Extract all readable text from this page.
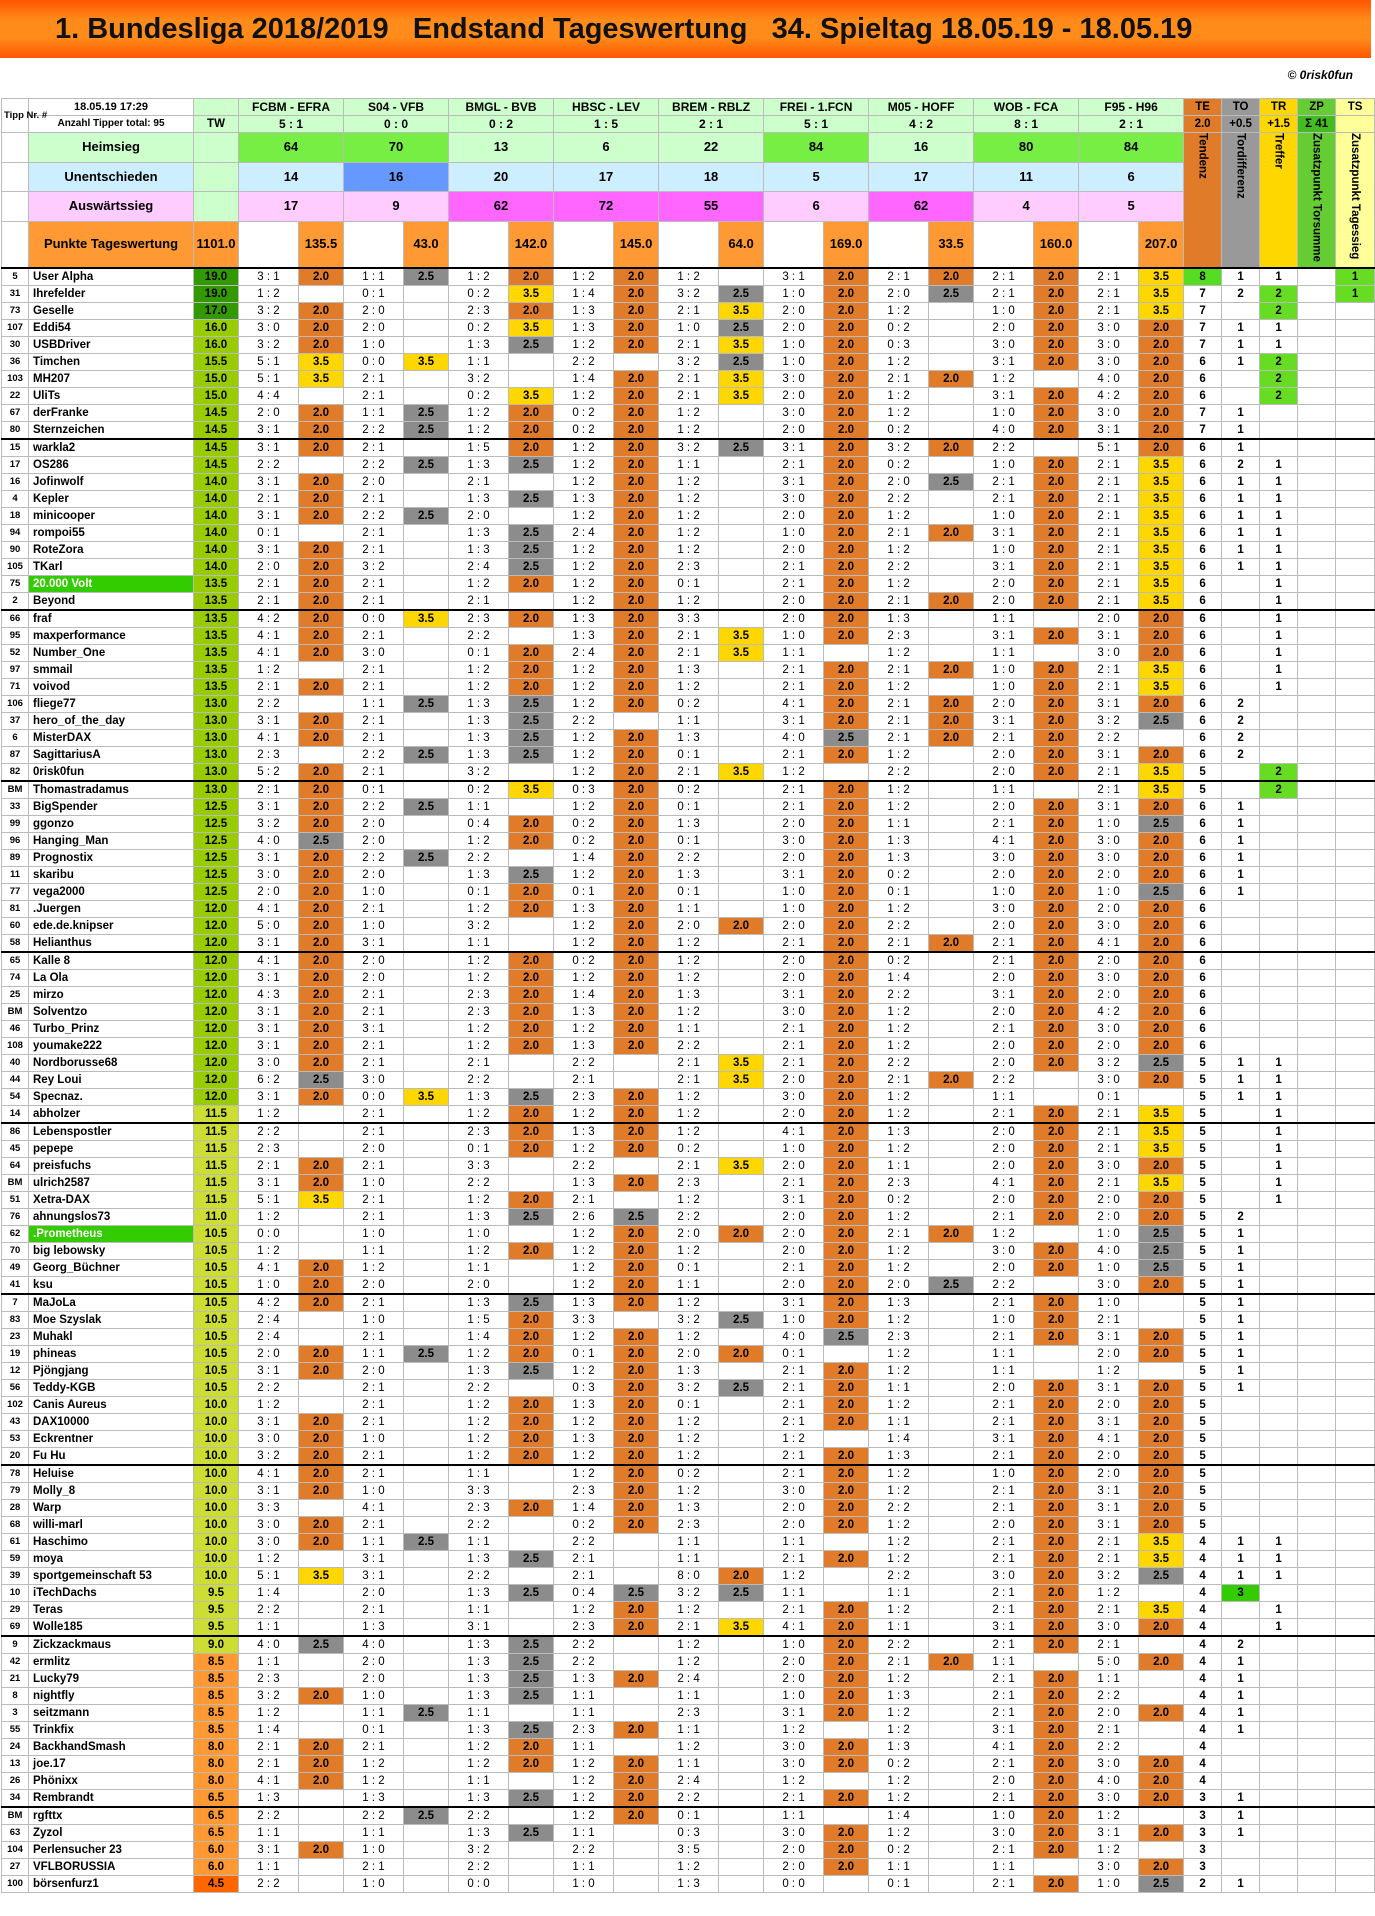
1. Bundesliga 2018/2019   Endstand Tageswertung   34. Spieltag 18.05.19 - 18.05.19
© 0risk0fun
Tipp Nr. #	18.05.19 17:29		FCBM - EFRA		S04 - VFB		BMGL - BVB		HBSC - LEV		BREM - RBLZ		FREI - 1.FCN		M05 - HOFF		WOB - FCA		F95 - H96		TE	TO	TR	ZP	TS	
	Anzahl Tipper total: 95	TW	5 : 1		0 : 0		0 : 2		1 : 5		2 : 1		5 : 1		4 : 2		8 : 1		2 : 1		2.0	+0.5	+1.5	Σ 41		
	Heimsieg		64		70		13		6		22		84		16		80		84		Tendenz	Tordifferenz	Treffer	Zusatzpunkt Torsumme	Zusatzpunkt Tagessieg	
	Unentschieden		14		16		20		17		18		5		17		11		6							
	Auswärtssieg		17		9		62		72		55		6		62		4		5							
	Punkte Tageswertung	1101.0		135.5		43.0		142.0		145.0		64.0		169.0		33.5		160.0		207.0					
5	User Alpha	19.0	3 : 1	2.0	1 : 1	2.5	1 : 2	2.0	1 : 2	2.0	1 : 2		3 : 1	2.0	2 : 1	2.0	2 : 1	2.0	2 : 1	3.5	8	1	1		1	
31	Ihrefelder	19.0	1 : 2		0 : 1		0 : 2	3.5	1 : 4	2.0	3 : 2	2.5	1 : 0	2.0	2 : 0	2.5	2 : 1	2.0	2 : 1	3.5	7	2	2		1	
73	Geselle	17.0	3 : 2	2.0	2 : 0		2 : 3	2.0	1 : 3	2.0	2 : 1	3.5	2 : 0	2.0	1 : 2		1 : 0	2.0	2 : 1	3.5	7		2			
107	Eddi54	16.0	3 : 0	2.0	2 : 0		0 : 2	3.5	1 : 3	2.0	1 : 0	2.5	2 : 0	2.0	0 : 2		2 : 0	2.0	3 : 0	2.0	7	1	1			
30	USBDriver	16.0	3 : 2	2.0	1 : 0		1 : 3	2.5	1 : 2	2.0	2 : 1	3.5	1 : 0	2.0	0 : 3		3 : 0	2.0	3 : 0	2.0	7	1	1			
36	Timchen	15.5	5 : 1	3.5	0 : 0	3.5	1 : 1		2 : 2		3 : 2	2.5	1 : 0	2.0	1 : 2		3 : 1	2.0	3 : 0	2.0	6	1	2			
103	MH207	15.0	5 : 1	3.5	2 : 1		3 : 2		1 : 4	2.0	2 : 1	3.5	3 : 0	2.0	2 : 1	2.0	1 : 2		4 : 0	2.0	6		2			
22	UliTs	15.0	4 : 4		2 : 1		0 : 2	3.5	1 : 2	2.0	2 : 1	3.5	2 : 0	2.0	1 : 2		3 : 1	2.0	4 : 2	2.0	6		2			
67	derFranke	14.5	2 : 0	2.0	1 : 1	2.5	1 : 2	2.0	0 : 2	2.0	1 : 2		3 : 0	2.0	1 : 2		1 : 0	2.0	3 : 0	2.0	7	1				
80	Sternzeichen	14.5	3 : 1	2.0	2 : 2	2.5	1 : 2	2.0	0 : 2	2.0	1 : 2		2 : 0	2.0	0 : 2		4 : 0	2.0	3 : 1	2.0	7	1				
15	warkla2	14.5	3 : 1	2.0	2 : 1		1 : 5	2.0	1 : 2	2.0	3 : 2	2.5	3 : 1	2.0	3 : 2	2.0	2 : 2		5 : 1	2.0	6	1				
17	OS286	14.5	2 : 2		2 : 2	2.5	1 : 3	2.5	1 : 2	2.0	1 : 1		2 : 1	2.0	0 : 2		1 : 0	2.0	2 : 1	3.5	6	2	1			
16	Jofinwolf	14.0	3 : 1	2.0	2 : 0		2 : 1		1 : 2	2.0	1 : 2		3 : 1	2.0	2 : 0	2.5	2 : 1	2.0	2 : 1	3.5	6	1	1			
4	Kepler	14.0	2 : 1	2.0	2 : 1		1 : 3	2.5	1 : 3	2.0	1 : 2		3 : 0	2.0	2 : 2		2 : 1	2.0	2 : 1	3.5	6	1	1			
18	minicooper	14.0	3 : 1	2.0	2 : 2	2.5	2 : 0		1 : 2	2.0	1 : 2		2 : 0	2.0	1 : 2		1 : 0	2.0	2 : 1	3.5	6	1	1			
94	rompoi55	14.0	0 : 1		2 : 1		1 : 3	2.5	2 : 4	2.0	1 : 2		1 : 0	2.0	2 : 1	2.0	3 : 1	2.0	2 : 1	3.5	6	1	1			
90	RoteZora	14.0	3 : 1	2.0	2 : 1		1 : 3	2.5	1 : 2	2.0	1 : 2		2 : 0	2.0	1 : 2		1 : 0	2.0	2 : 1	3.5	6	1	1			
105	TKarl	14.0	2 : 0	2.0	3 : 2		2 : 4	2.5	1 : 2	2.0	2 : 3		2 : 1	2.0	2 : 2		3 : 1	2.0	2 : 1	3.5	6	1	1			
75	20.000 Volt	13.5	2 : 1	2.0	2 : 1		1 : 2	2.0	1 : 2	2.0	0 : 1		2 : 1	2.0	1 : 2		2 : 0	2.0	2 : 1	3.5	6		1			
2	Beyond	13.5	2 : 1	2.0	2 : 1		2 : 1		1 : 2	2.0	1 : 2		2 : 0	2.0	2 : 1	2.0	2 : 0	2.0	2 : 1	3.5	6		1			
66	fraf	13.5	4 : 2	2.0	0 : 0	3.5	2 : 3	2.0	1 : 3	2.0	3 : 3		2 : 0	2.0	1 : 3		1 : 1		2 : 0	2.0	6		1			
95	maxperformance	13.5	4 : 1	2.0	2 : 1		2 : 2		1 : 3	2.0	2 : 1	3.5	1 : 0	2.0	2 : 3		3 : 1	2.0	3 : 1	2.0	6		1			
52	Number_One	13.5	4 : 1	2.0	3 : 0		0 : 1	2.0	2 : 4	2.0	2 : 1	3.5	1 : 1		1 : 2		1 : 1		3 : 0	2.0	6		1			
97	smmail	13.5	1 : 2		2 : 1		1 : 2	2.0	1 : 2	2.0	1 : 3		2 : 1	2.0	2 : 1	2.0	1 : 0	2.0	2 : 1	3.5	6		1			
71	voivod	13.5	2 : 1	2.0	2 : 1		1 : 2	2.0	1 : 2	2.0	1 : 2		2 : 1	2.0	1 : 2		1 : 0	2.0	2 : 1	3.5	6		1			
106	fliege77	13.0	2 : 2		1 : 1	2.5	1 : 3	2.5	1 : 2	2.0	0 : 2		4 : 1	2.0	2 : 1	2.0	2 : 0	2.0	3 : 1	2.0	6	2				
37	hero_of_the_day	13.0	3 : 1	2.0	2 : 1		1 : 3	2.5	2 : 2		1 : 1		3 : 1	2.0	2 : 1	2.0	3 : 1	2.0	3 : 2	2.5	6	2				
6	MisterDAX	13.0	4 : 1	2.0	2 : 1		1 : 3	2.5	1 : 2	2.0	1 : 3		4 : 0	2.5	2 : 1	2.0	2 : 1	2.0	2 : 2		6	2				
87	SagittariusA	13.0	2 : 3		2 : 2	2.5	1 : 3	2.5	1 : 2	2.0	0 : 1		2 : 1	2.0	1 : 2		2 : 0	2.0	3 : 1	2.0	6	2				
82	0risk0fun	13.0	5 : 2	2.0	2 : 1		3 : 2		1 : 2	2.0	2 : 1	3.5	1 : 2		2 : 2		2 : 0	2.0	2 : 1	3.5	5		2			
BM	Thomastradamus	13.0	2 : 1	2.0	0 : 1		0 : 2	3.5	0 : 3	2.0	0 : 2		2 : 1	2.0	1 : 2		1 : 1		2 : 1	3.5	5		2			
33	BigSpender	12.5	3 : 1	2.0	2 : 2	2.5	1 : 1		1 : 2	2.0	0 : 1		2 : 1	2.0	1 : 2		2 : 0	2.0	3 : 1	2.0	6	1				
99	ggonzo	12.5	3 : 2	2.0	2 : 0		0 : 4	2.0	0 : 2	2.0	1 : 3		2 : 0	2.0	1 : 1		2 : 1	2.0	1 : 0	2.5	6	1				
96	Hanging_Man	12.5	4 : 0	2.5	2 : 0		1 : 2	2.0	0 : 2	2.0	0 : 1		3 : 0	2.0	1 : 3		4 : 1	2.0	3 : 0	2.0	6	1				
89	Prognostix	12.5	3 : 1	2.0	2 : 2	2.5	2 : 2		1 : 4	2.0	2 : 2		2 : 0	2.0	1 : 3		3 : 0	2.0	3 : 0	2.0	6	1				
11	skaribu	12.5	3 : 0	2.0	2 : 0		1 : 3	2.5	1 : 2	2.0	1 : 3		3 : 1	2.0	0 : 2		2 : 0	2.0	2 : 0	2.0	6	1				
77	vega2000	12.5	2 : 0	2.0	1 : 0		0 : 1	2.0	0 : 1	2.0	0 : 1		1 : 0	2.0	0 : 1		1 : 0	2.0	1 : 0	2.5	6	1				
81	.Juergen	12.0	4 : 1	2.0	2 : 1		1 : 2	2.0	1 : 3	2.0	1 : 1		1 : 0	2.0	1 : 2		3 : 0	2.0	2 : 0	2.0	6					
60	ede.de.knipser	12.0	5 : 0	2.0	1 : 0		3 : 2		1 : 2	2.0	2 : 0	2.0	2 : 0	2.0	2 : 2		2 : 0	2.0	3 : 0	2.0	6					
58	Helianthus	12.0	3 : 1	2.0	3 : 1		1 : 1		1 : 2	2.0	1 : 2		2 : 1	2.0	2 : 1	2.0	2 : 1	2.0	4 : 1	2.0	6					
65	Kalle 8	12.0	4 : 1	2.0	2 : 0		1 : 2	2.0	0 : 2	2.0	1 : 2		2 : 0	2.0	0 : 2		2 : 1	2.0	2 : 0	2.0	6					
74	La Ola	12.0	3 : 1	2.0	2 : 0		1 : 2	2.0	1 : 2	2.0	1 : 2		2 : 0	2.0	1 : 4		2 : 0	2.0	3 : 0	2.0	6					
25	mirzo	12.0	4 : 3	2.0	2 : 1		2 : 3	2.0	1 : 4	2.0	1 : 3		3 : 1	2.0	2 : 2		3 : 1	2.0	2 : 0	2.0	6					
BM	Solventzo	12.0	3 : 1	2.0	2 : 1		2 : 3	2.0	1 : 3	2.0	1 : 2		3 : 0	2.0	1 : 2		2 : 0	2.0	4 : 2	2.0	6					
46	Turbo_Prinz	12.0	3 : 1	2.0	3 : 1		1 : 2	2.0	1 : 2	2.0	1 : 1		2 : 1	2.0	1 : 2		2 : 1	2.0	3 : 0	2.0	6					
108	youmake222	12.0	3 : 1	2.0	2 : 1		1 : 2	2.0	1 : 3	2.0	2 : 2		2 : 1	2.0	1 : 2		2 : 0	2.0	2 : 0	2.0	6					
40	Nordborusse68	12.0	3 : 0	2.0	2 : 1		2 : 1		2 : 2		2 : 1	3.5	2 : 1	2.0	2 : 2		2 : 0	2.0	3 : 2	2.5	5	1	1			
44	Rey Loui	12.0	6 : 2	2.5	3 : 0		2 : 2		2 : 1		2 : 1	3.5	2 : 0	2.0	2 : 1	2.0	2 : 2		3 : 0	2.0	5	1	1			
54	Specnaz.	12.0	3 : 1	2.0	0 : 0	3.5	1 : 3	2.5	2 : 3	2.0	1 : 2		3 : 0	2.0	1 : 2		1 : 1		0 : 1		5	1	1			
14	abholzer	11.5	1 : 2		2 : 1		1 : 2	2.0	1 : 2	2.0	1 : 2		2 : 0	2.0	1 : 2		2 : 1	2.0	2 : 1	3.5	5		1			
86	Lebenspostler	11.5	2 : 2		2 : 1		2 : 3	2.0	1 : 3	2.0	1 : 2		4 : 1	2.0	1 : 3		2 : 0	2.0	2 : 1	3.5	5		1			
45	pepepe	11.5	2 : 3		2 : 0		0 : 1	2.0	1 : 2	2.0	0 : 2		1 : 0	2.0	1 : 2		2 : 0	2.0	2 : 1	3.5	5		1			
64	preisfuchs	11.5	2 : 1	2.0	2 : 1		3 : 3		2 : 2		2 : 1	3.5	2 : 0	2.0	1 : 1		2 : 0	2.0	3 : 0	2.0	5		1			
BM	ulrich2587	11.5	3 : 1	2.0	1 : 0		2 : 2		1 : 3	2.0	2 : 3		2 : 1	2.0	2 : 3		4 : 1	2.0	2 : 1	3.5	5		1			
51	Xetra-DAX	11.5	5 : 1	3.5	2 : 1		1 : 2	2.0	2 : 1		1 : 2		3 : 1	2.0	0 : 2		2 : 0	2.0	2 : 0	2.0	5		1			
76	ahnungslos73	11.0	1 : 2		2 : 1		1 : 3	2.5	2 : 6	2.5	2 : 2		2 : 0	2.0	1 : 2		2 : 1	2.0	2 : 0	2.0	5	2				
62	.Prometheus	10.5	0 : 0		1 : 0		1 : 0		1 : 2	2.0	2 : 0	2.0	2 : 0	2.0	2 : 1	2.0	1 : 2		1 : 0	2.5	5	1				
70	big lebowsky	10.5	1 : 2		1 : 1		1 : 2	2.0	1 : 2	2.0	1 : 2		2 : 0	2.0	1 : 2		3 : 0	2.0	4 : 0	2.5	5	1				
49	Georg_Büchner	10.5	4 : 1	2.0	1 : 2		1 : 1		1 : 2	2.0	0 : 1		2 : 1	2.0	1 : 2		2 : 0	2.0	1 : 0	2.5	5	1				
41	ksu	10.5	1 : 0	2.0	2 : 0		2 : 0		1 : 2	2.0	1 : 1		2 : 0	2.0	2 : 0	2.5	2 : 2		3 : 0	2.0	5	1				
7	MaJoLa	10.5	4 : 2	2.0	2 : 1		1 : 3	2.5	1 : 3	2.0	1 : 2		3 : 1	2.0	1 : 3		2 : 1	2.0	1 : 0		5	1				
83	Moe Szyslak	10.5	2 : 4		1 : 0		1 : 5	2.0	3 : 3		3 : 2	2.5	1 : 0	2.0	1 : 2		1 : 0	2.0	2 : 1		5	1				
23	Muhakl	10.5	2 : 4		2 : 1		1 : 4	2.0	1 : 2	2.0	1 : 2		4 : 0	2.5	2 : 3		2 : 1	2.0	3 : 1	2.0	5	1				
19	phineas	10.5	2 : 0	2.0	1 : 1	2.5	1 : 2	2.0	0 : 1	2.0	2 : 0	2.0	0 : 1		1 : 2		1 : 1		2 : 0	2.0	5	1				
12	Pjöngjang	10.5	3 : 1	2.0	2 : 0		1 : 3	2.5	1 : 2	2.0	1 : 3		2 : 1	2.0	1 : 2		1 : 1		1 : 2		5	1				
56	Teddy-KGB	10.5	2 : 2		2 : 1		2 : 2		0 : 3	2.0	3 : 2	2.5	2 : 1	2.0	1 : 1		2 : 0	2.0	3 : 1	2.0	5	1				
102	Canis Aureus	10.0	1 : 2		2 : 1		1 : 2	2.0	1 : 3	2.0	0 : 1		2 : 1	2.0	1 : 2		2 : 1	2.0	2 : 0	2.0	5					
43	DAX10000	10.0	3 : 1	2.0	2 : 1		1 : 2	2.0	1 : 2	2.0	1 : 2		2 : 1	2.0	1 : 1		2 : 1	2.0	3 : 1	2.0	5					
53	Eckrentner	10.0	3 : 0	2.0	1 : 0		1 : 2	2.0	1 : 3	2.0	1 : 2		1 : 2		1 : 4		3 : 1	2.0	4 : 1	2.0	5					
20	Fu Hu	10.0	3 : 2	2.0	2 : 1		1 : 2	2.0	1 : 2	2.0	1 : 2		2 : 1	2.0	1 : 3		2 : 1	2.0	2 : 0	2.0	5					
78	Heluise	10.0	4 : 1	2.0	2 : 1		1 : 1		1 : 2	2.0	0 : 2		2 : 1	2.0	1 : 2		1 : 0	2.0	2 : 0	2.0	5					
79	Molly_8	10.0	3 : 1	2.0	1 : 0		3 : 3		2 : 3	2.0	1 : 2		3 : 0	2.0	1 : 2		2 : 1	2.0	3 : 1	2.0	5					
28	Warp	10.0	3 : 3		4 : 1		2 : 3	2.0	1 : 4	2.0	1 : 3		2 : 0	2.0	2 : 2		2 : 1	2.0	3 : 1	2.0	5					
68	willi-marl	10.0	3 : 0	2.0	2 : 1		2 : 2		0 : 2	2.0	2 : 3		2 : 0	2.0	1 : 2		2 : 0	2.0	3 : 1	2.0	5					
61	Haschimo	10.0	3 : 0	2.0	1 : 1	2.5	1 : 1		2 : 2		1 : 1		1 : 1		1 : 2		2 : 1	2.0	2 : 1	3.5	4	1	1			
59	moya	10.0	1 : 2		3 : 1		1 : 3	2.5	2 : 1		1 : 1		2 : 1	2.0	1 : 2		2 : 1	2.0	2 : 1	3.5	4	1	1			
39	sportgemeinschaft 53	10.0	5 : 1	3.5	3 : 1		2 : 2		2 : 1		8 : 0	2.0	1 : 2		2 : 2		3 : 0	2.0	3 : 2	2.5	4	1	1			
10	iTechDachs	9.5	1 : 4		2 : 0		1 : 3	2.5	0 : 4	2.5	3 : 2	2.5	1 : 1		1 : 1		2 : 1	2.0	1 : 2		4	3				
29	Teras	9.5	2 : 2		2 : 1		1 : 1		1 : 2	2.0	1 : 2		2 : 1	2.0	1 : 2		2 : 1	2.0	2 : 1	3.5	4		1			
69	Wolle185	9.5	1 : 1		1 : 3		3 : 1		2 : 3	2.0	2 : 1	3.5	4 : 1	2.0	1 : 1		3 : 1	2.0	3 : 0	2.0	4		1			
9	Zickzackmaus	9.0	4 : 0	2.5	4 : 0		1 : 3	2.5	2 : 2		1 : 2		1 : 0	2.0	2 : 2		2 : 1	2.0	2 : 1		4	2				
42	ermlitz	8.5	1 : 1		2 : 0		1 : 3	2.5	2 : 2		1 : 2		2 : 0	2.0	2 : 1	2.0	1 : 1		5 : 0	2.0	4	1				
21	Lucky79	8.5	2 : 3		2 : 0		1 : 3	2.5	1 : 3	2.0	2 : 4		2 : 0	2.0	1 : 2		2 : 1	2.0	1 : 1		4	1				
8	nightfly	8.5	3 : 2	2.0	1 : 0		1 : 3	2.5	1 : 1		1 : 1		1 : 0	2.0	1 : 3		2 : 1	2.0	2 : 2		4	1				
3	seitzmann	8.5	1 : 2		1 : 1	2.5	1 : 1		1 : 1		2 : 3		3 : 1	2.0	1 : 2		2 : 1	2.0	2 : 0	2.0	4	1				
55	Trinkfix	8.5	1 : 4		0 : 1		1 : 3	2.5	2 : 3	2.0	1 : 1		1 : 2		1 : 2		3 : 1	2.0	2 : 1		4	1				
24	BackhandSmash	8.0	2 : 1	2.0	2 : 1		1 : 2	2.0	1 : 1		1 : 2		3 : 0	2.0	1 : 3		4 : 1	2.0	2 : 2		4					
13	joe.17	8.0	2 : 1	2.0	1 : 2		1 : 2	2.0	1 : 2	2.0	1 : 1		3 : 0	2.0	0 : 2		2 : 1	2.0	3 : 0	2.0	4					
26	Phönixx	8.0	4 : 1	2.0	1 : 2		1 : 1		1 : 2	2.0	2 : 4		1 : 2		1 : 2		2 : 0	2.0	4 : 0	2.0	4					
34	Rembrandt	6.5	1 : 3		1 : 3		1 : 3	2.5	1 : 2	2.0	2 : 2		2 : 1	2.0	1 : 2		2 : 1	2.0	3 : 0	2.0	3	1				
BM	rgfttx	6.5	2 : 2		2 : 2	2.5	2 : 2		1 : 2	2.0	0 : 1		1 : 1		1 : 4		1 : 0	2.0	1 : 2		3	1				
63	Zyzol	6.5	1 : 1		1 : 1		1 : 3	2.5	1 : 1		0 : 3		3 : 0	2.0	1 : 2		3 : 0	2.0	3 : 1	2.0	3	1				
104	Perlensucher 23	6.0	3 : 1	2.0	1 : 0		3 : 2		2 : 2		3 : 5		2 : 0	2.0	0 : 2		2 : 1	2.0	1 : 2		3					
27	VFLBORUSSIA	6.0	1 : 1		2 : 1		2 : 2		1 : 1		1 : 2		2 : 0	2.0	1 : 1		1 : 1		3 : 0	2.0	3					
100	börsenfurz1	4.5	2 : 2		1 : 0		0 : 0		1 : 0		1 : 3		0 : 0		0 : 1		2 : 1	2.0	1 : 0	2.5	2	1				
